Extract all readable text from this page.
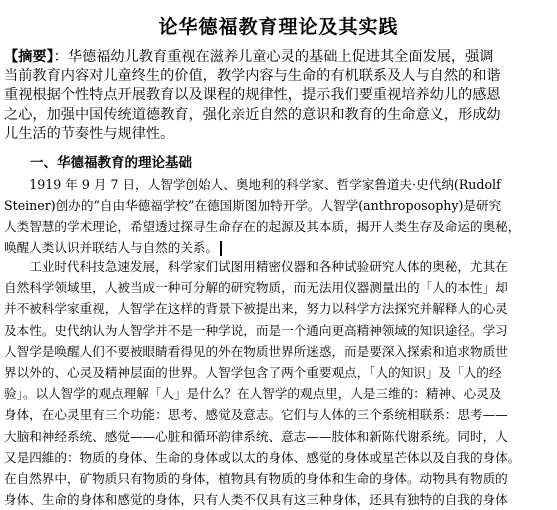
论华德福教育理论及其实践
【摘要】：华德福幼儿教育重视在滋养儿童心灵的基础上促进其全面发展，强调
当前教育内容对儿童终生的价值，教学内容与生命的有机联系及人与自然的和谐
重视根据个性特点开展教育以及课程的规律性，提示我们要重视培养幼儿的感恩
之心，加强中国传统道德教育，强化亲近自然的意识和教育的生命意义，形成幼
儿生活的节奏性与规律性。
一、华德福教育的理论基础
　　1919 年 9 月 7 日，人智学创始人、奥地利的科学家、哲学家鲁道夫·史代纳(Rudolf
Steiner)创办的“自由华德福学校”在德国斯图加特开学。人智学(anthroposophy)是研究
人类智慧的学术理论，希望透过探寻生命存在的起源及其本质，揭开人类生存及命运的奥秘，
唤醒人类认识并联结人与自然的关系。
　　工业时代科技急速发展，科学家们试图用精密仪器和各种试验研究人体的奥秘，尤其在
自然科学领域里，人被当成一种可分解的研究物质，而无法用仪器测量出的「人的本性」却
并不被科学家重视，人智学在这样的背景下被提出来，努力以科学方法探究并解释人的心灵
及本性。史代纳认为人智学并不是一种学说，而是一个通向更高精神领域的知识途径。学习
人智学是唤醒人们不要被眼睛看得见的外在物质世界所迷惑，而是要深入探索和追求物质世
界以外的、心灵及精神层面的世界。人智学包含了两个重要观点，「人的知识」及「人的经
验」。以人智学的观点理解「人」是什么？在人智学的观点里，人是三维的：精神、心灵及
身体，在心灵里有三个功能：思考、感觉及意志。它们与人体的三个系统相联系：思考——
大脑和神经系统、感觉——心脏和循环韵律系统、意志——肢体和新陈代谢系统。同时，人
又是四維的：物质的身体、生命的身体或以太的身体、感觉的身体或星芒体以及自我的身体。
在自然界中，矿物质只有物质的身体，植物具有物质的身体和生命的身体。动物具有物质的
身体、生命的身体和感觉的身体，只有人类不仅具有这三种身体，还具有独特的自我的身体
